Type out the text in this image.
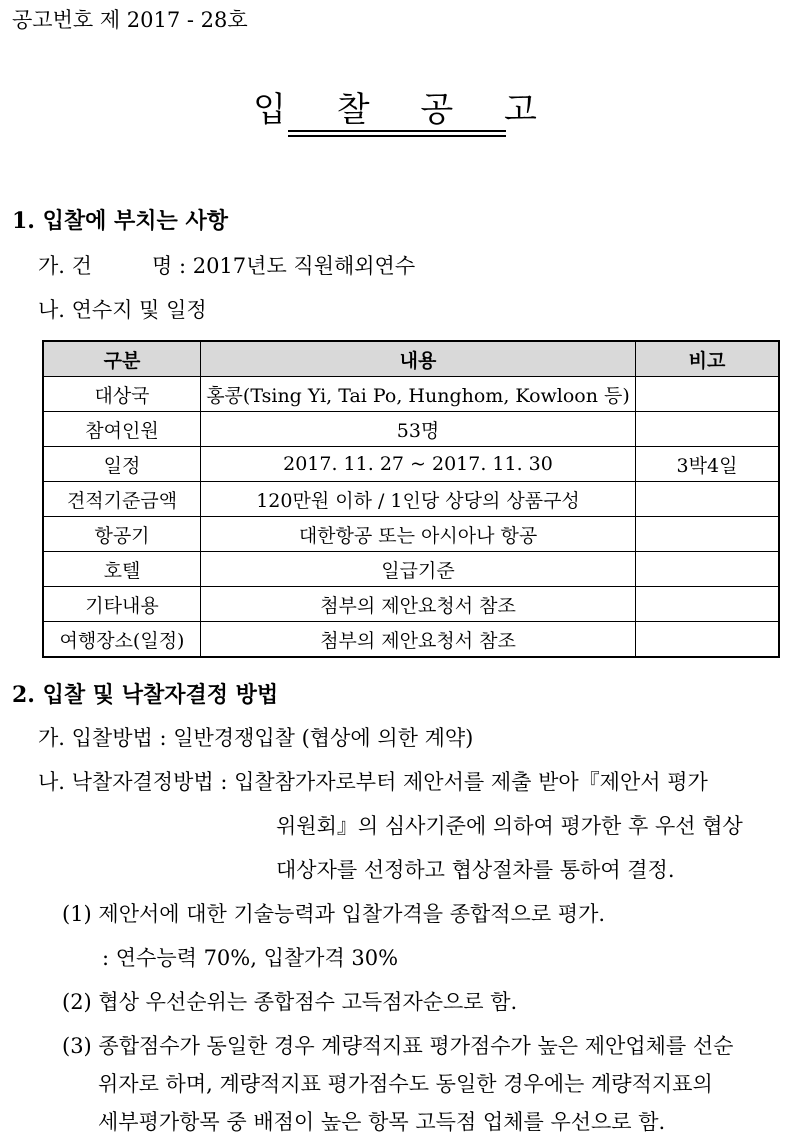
공고번호 제 2017 - 28호
입 찰 공 고
1. 입찰에 부치는 사항
가. 건	명 : 2017년도 직원해외연수
나. 연수지 및 일정
구분	내용	비고
대상국	홍콩(Tsing Yi, Tai Po, Hunghom, Kowloon 등)	
참여인원	53명	
일정	2017. 11. 27 ~ 2017. 11. 30	3박4일
견적기준금액	120만원 이하 / 1인당 상당의 상품구성	
항공기	대한항공 또는 아시아나 항공	
호텔	일급기준	
기타내용	첨부의 제안요청서 참조	
여행장소(일정)	첨부의 제안요청서 참조	
2. 입찰 및 낙찰자결정 방법
가. 입찰방법 : 일반경쟁입찰 (협상에 의한 계약)
나. 낙찰자결정방법 : 입찰참가자로부터 제안서를 제출 받아『제안서 평가
위원회』의 심사기준에 의하여 평가한 후 우선 협상
대상자를 선정하고 협상절차를 통하여 결정.
(1) 제안서에 대한 기술능력과 입찰가격을 종합적으로 평가.
: 연수능력 70%, 입찰가격 30%
(2) 협상 우선순위는 종합점수 고득점자순으로 함.
(3) 종합점수가 동일한 경우 계량적지표 평가점수가 높은 제안업체를 선순
위자로 하며, 계량적지표 평가점수도 동일한 경우에는 계량적지표의
세부평가항목 중 배점이 높은 항목 고득점 업체를 우선으로 함.
